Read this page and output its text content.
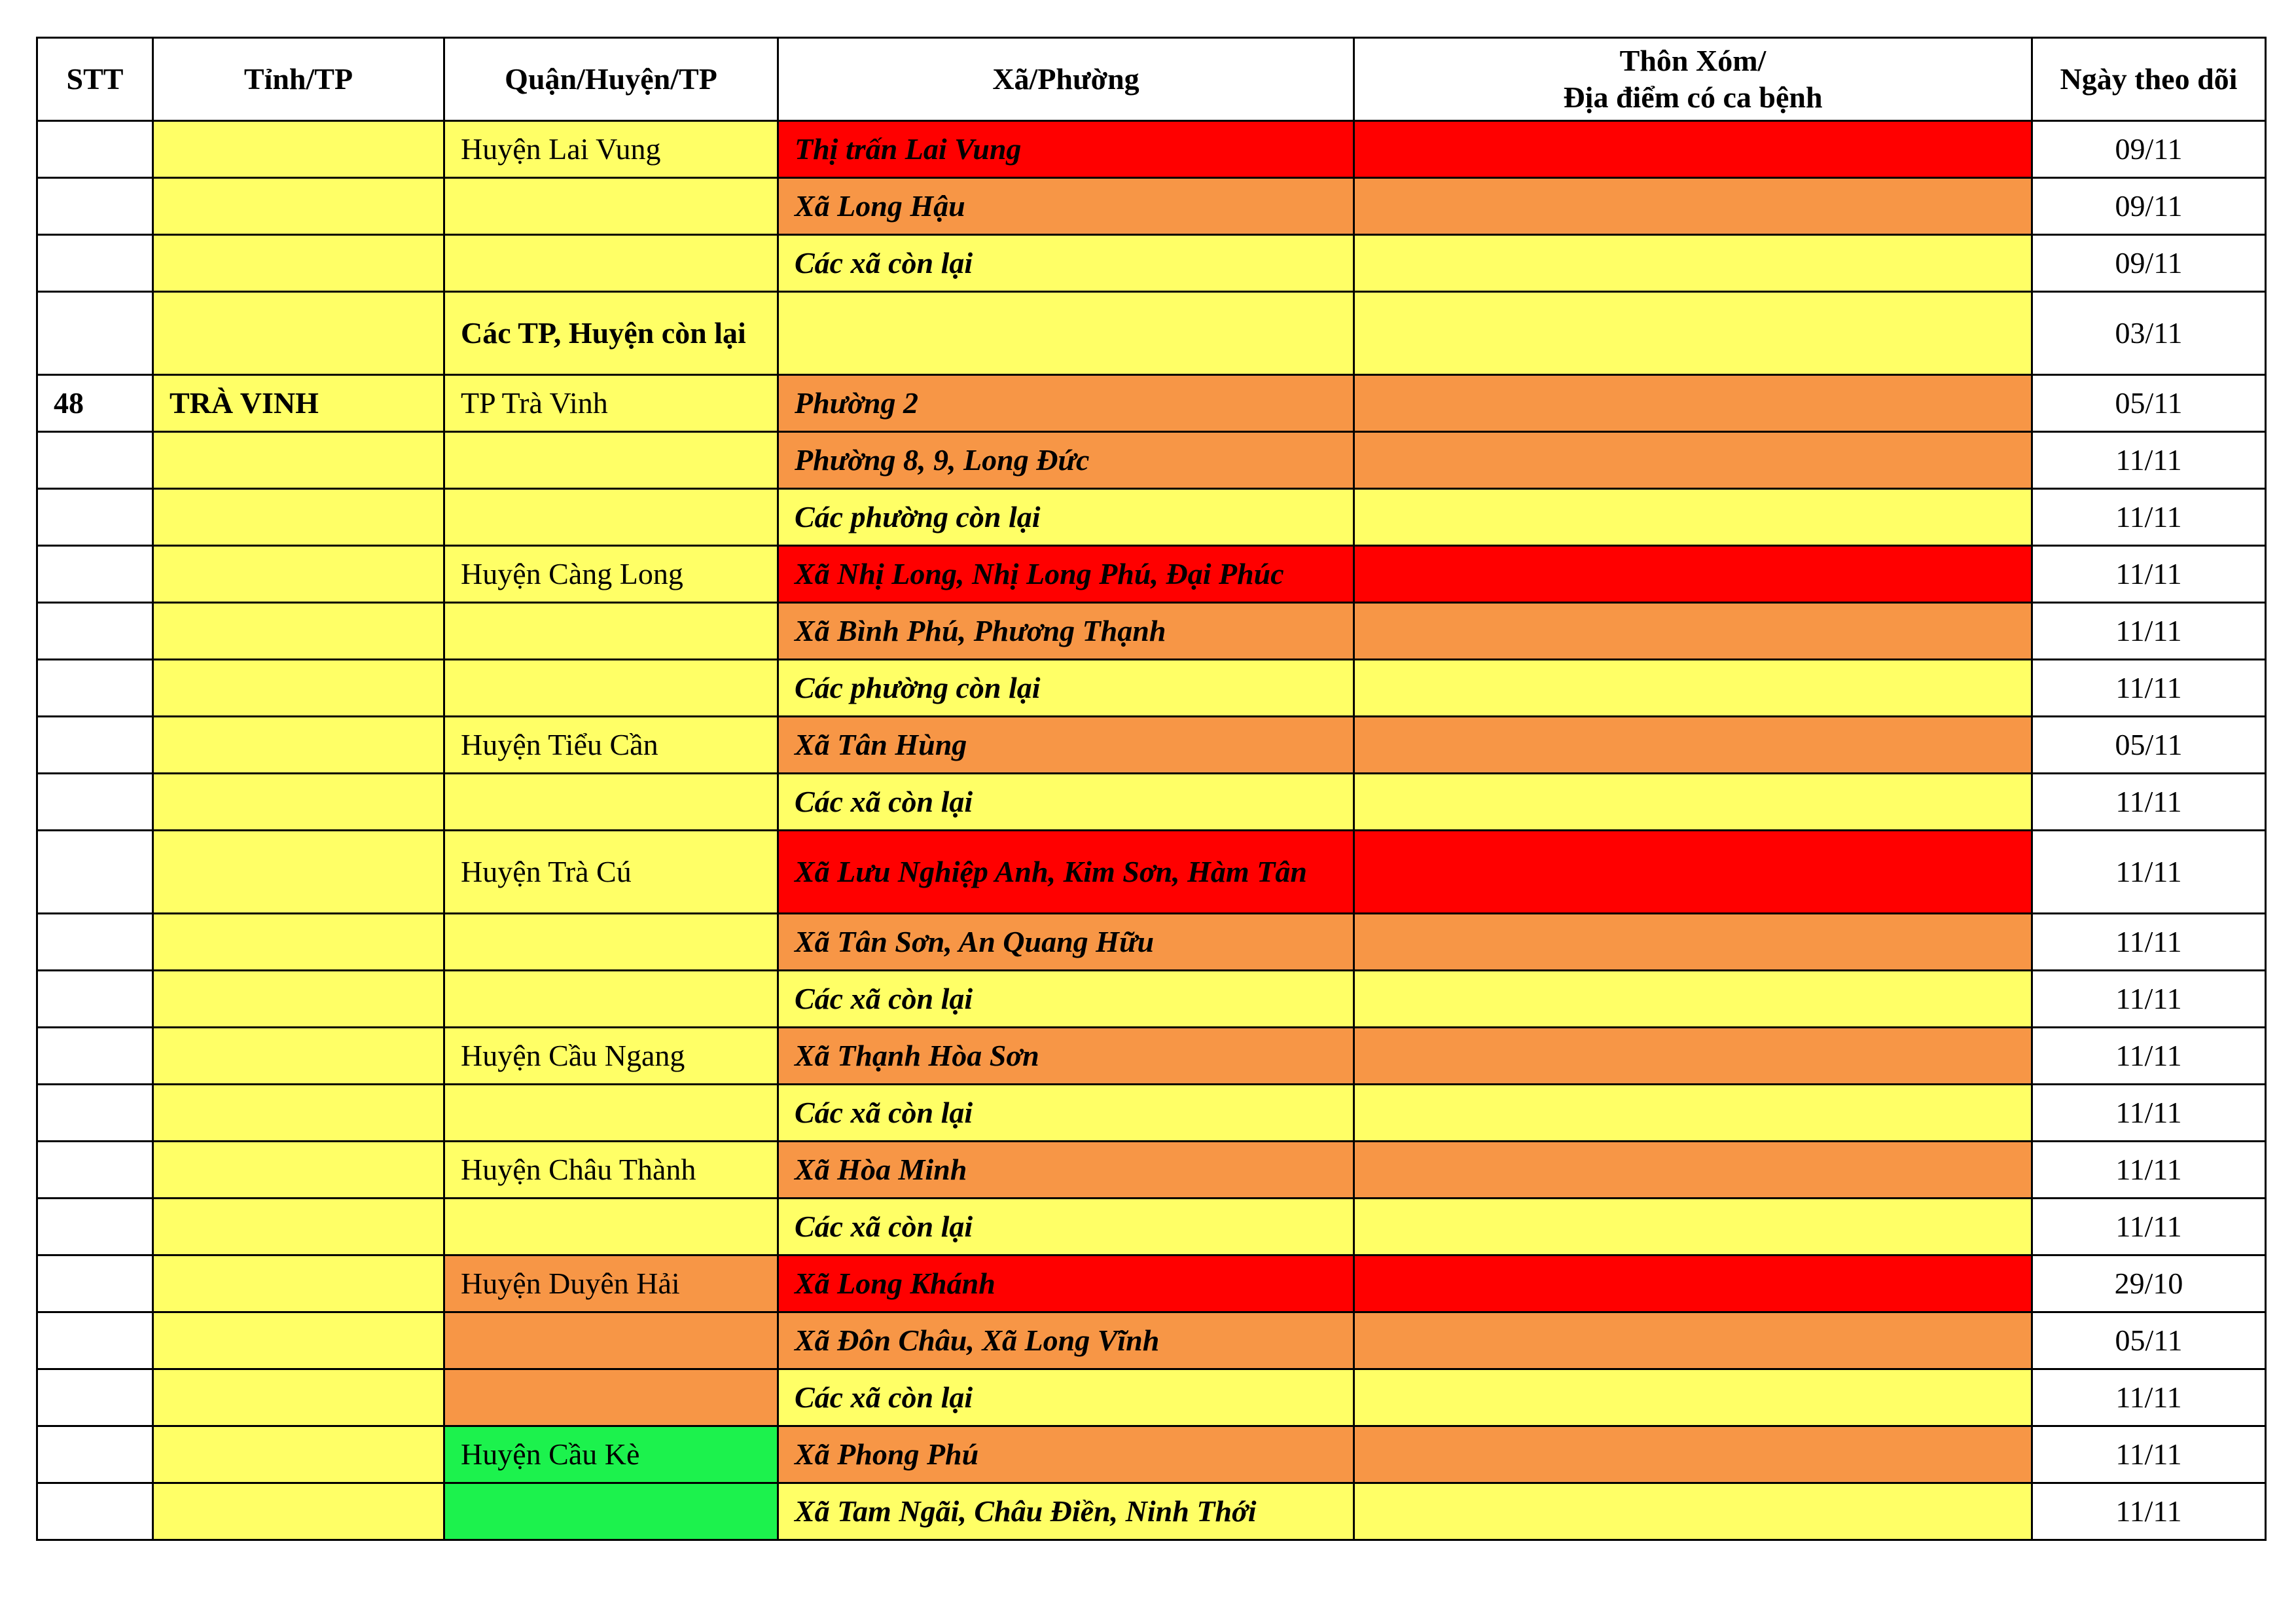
STT	Tỉnh/TP	Quận/Huyện/TP	Xã/Phường	Thôn Xóm/
Địa điểm có ca bệnh	Ngày theo dõi
		Huyện Lai Vung	Thị trấn Lai Vung		09/11
			Xã Long Hậu		09/11
			Các xã còn lại		09/11
		Các TP, Huyện còn lại			03/11
48	TRÀ VINH	TP Trà Vinh	Phường 2		05/11
			Phường 8, 9, Long Đức		11/11
			Các phường còn lại		11/11
		Huyện Càng Long	Xã Nhị Long, Nhị Long Phú, Đại Phúc		11/11
			Xã Bình Phú, Phương Thạnh		11/11
			Các phường còn lại		11/11
		Huyện Tiểu Cần	Xã Tân Hùng		05/11
			Các xã còn lại		11/11
		Huyện Trà Cú	Xã Lưu Nghiệp Anh, Kim Sơn, Hàm Tân		11/11
			Xã Tân Sơn, An Quang Hữu		11/11
			Các xã còn lại		11/11
		Huyện Cầu Ngang	Xã Thạnh Hòa Sơn		11/11
			Các xã còn lại		11/11
		Huyện Châu Thành	Xã Hòa Minh		11/11
			Các xã còn lại		11/11
		Huyện Duyên Hải	Xã Long Khánh		29/10
			Xã Đôn Châu, Xã Long Vĩnh		05/11
			Các xã còn lại		11/11
		Huyện Cầu Kè	Xã Phong Phú		11/11
			Xã Tam Ngãi, Châu Điền, Ninh Thới		11/11
